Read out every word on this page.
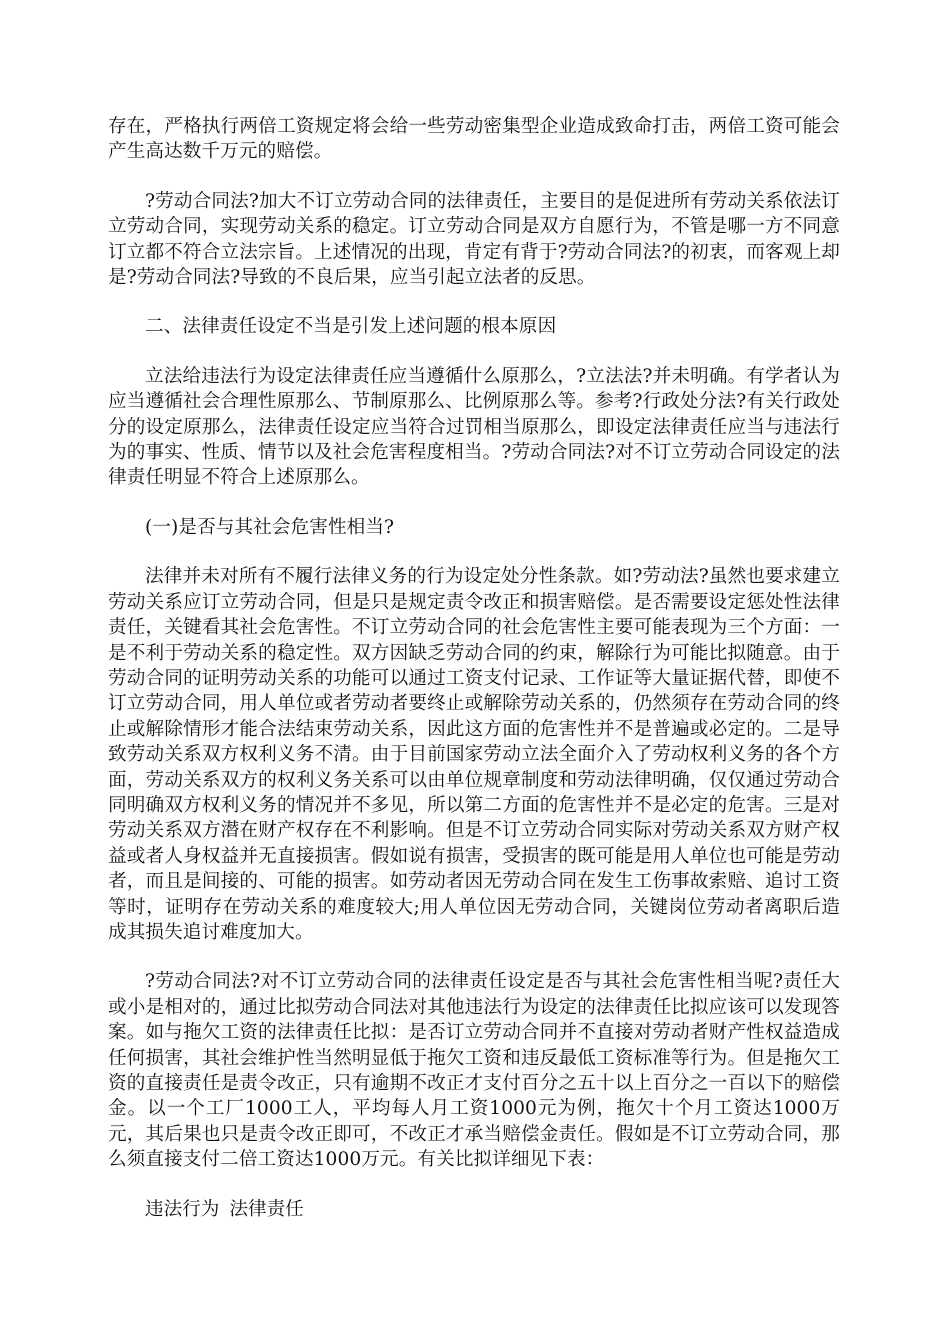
存在，严格执行两倍工资规定将会给一些劳动密集型企业造成致命打击，两倍工资可能会产生高达数千万元的赔偿。

?劳动合同法?加大不订立劳动合同的法律责任，主要目的是促进所有劳动关系依法订立劳动合同，实现劳动关系的稳定。订立劳动合同是双方自愿行为，不管是哪一方不同意订立都不符合立法宗旨。上述情况的出现，肯定有背于?劳动合同法?的初衷，而客观上却是?劳动合同法?导致的不良后果，应当引起立法者的反思。

二、法律责任设定不当是引发上述问题的根本原因

立法给违法行为设定法律责任应当遵循什么原那么，?立法法?并未明确。有学者认为应当遵循社会合理性原那么、节制原那么、比例原那么等。参考?行政处分法?有关行政处分的设定原那么，法律责任设定应当符合过罚相当原那么，即设定法律责任应当与违法行为的事实、性质、情节以及社会危害程度相当。?劳动合同法?对不订立劳动合同设定的法律责任明显不符合上述原那么。

(一)是否与其社会危害性相当?

法律并未对所有不履行法律义务的行为设定处分性条款。如?劳动法?虽然也要求建立劳动关系应订立劳动合同，但是只是规定责令改正和损害赔偿。是否需要设定惩处性法律责任，关键看其社会危害性。不订立劳动合同的社会危害性主要可能表现为三个方面：一是不利于劳动关系的稳定性。双方因缺乏劳动合同的约束，解除行为可能比拟随意。由于劳动合同的证明劳动关系的功能可以通过工资支付记录、工作证等大量证据代替，即使不订立劳动合同，用人单位或者劳动者要终止或解除劳动关系的，仍然须存在劳动合同的终止或解除情形才能合法结束劳动关系，因此这方面的危害性并不是普遍或必定的。二是导致劳动关系双方权利义务不清。由于目前国家劳动立法全面介入了劳动权利义务的各个方面，劳动关系双方的权利义务关系可以由单位规章制度和劳动法律明确，仅仅通过劳动合同明确双方权利义务的情况并不多见，所以第二方面的危害性并不是必定的危害。三是对劳动关系双方潜在财产权存在不利影响。但是不订立劳动合同实际对劳动关系双方财产权益或者人身权益并无直接损害。假如说有损害，受损害的既可能是用人单位也可能是劳动者，而且是间接的、可能的损害。如劳动者因无劳动合同在发生工伤事故索赔、追讨工资等时，证明存在劳动关系的难度较大;用人单位因无劳动合同，关键岗位劳动者离职后造成其损失追讨难度加大。

?劳动合同法?对不订立劳动合同的法律责任设定是否与其社会危害性相当呢?责任大或小是相对的，通过比拟劳动合同法对其他违法行为设定的法律责任比拟应该可以发现答案。如与拖欠工资的法律责任比拟：是否订立劳动合同并不直接对劳动者财产性权益造成任何损害，其社会维护性当然明显低于拖欠工资和违反最低工资标准等行为。但是拖欠工资的直接责任是责令改正，只有逾期不改正才支付百分之五十以上百分之一百以下的赔偿金。以一个工厂1000工人，平均每人月工资1000元为例，拖欠十个月工资达1000万元，其后果也只是责令改正即可，不改正才承当赔偿金责任。假如是不订立劳动合同，那么须直接支付二倍工资达1000万元。有关比拟详细见下表：

违法行为 法律责任
